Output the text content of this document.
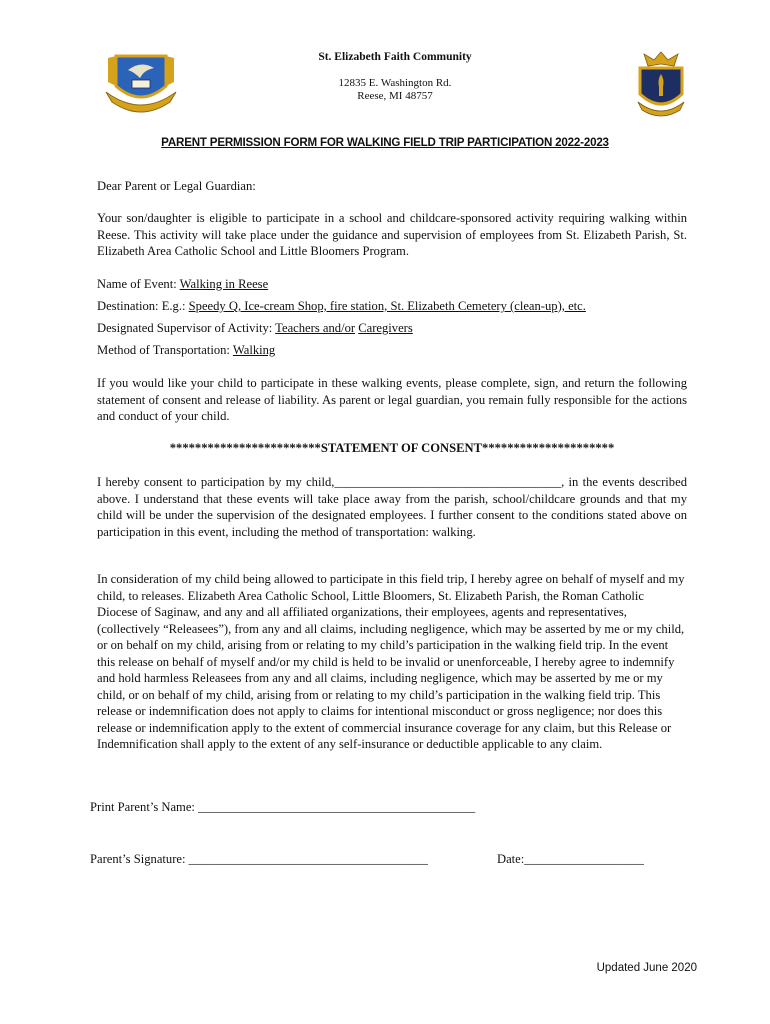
St. Elizabeth Faith Community
12835 E. Washington Rd.
Reese, MI 48757
PARENT PERMISSION FORM FOR WALKING FIELD TRIP PARTICIPATION 2022-2023
Dear Parent or Legal Guardian:
Your son/daughter is eligible to participate in a school and childcare-sponsored activity requiring walking within Reese. This activity will take place under the guidance and supervision of employees from St. Elizabeth Parish, St. Elizabeth Area Catholic School and Little Bloomers Program.
Name of Event: Walking in Reese
Destination: E.g.: Speedy Q, Ice-cream Shop, fire station, St. Elizabeth Cemetery (clean-up), etc.
Designated Supervisor of Activity: Teachers and/or Caregivers
Method of Transportation: Walking
If you would like your child to participate in these walking events, please complete, sign, and return the following statement of consent and release of liability. As parent or legal guardian, you remain fully responsible for the actions and conduct of your child.
************************STATEMENT OF CONSENT*********************
I hereby consent to participation by my child,____________________________________, in the events described above. I understand that these events will take place away from the parish, school/childcare grounds and that my child will be under the supervision of the designated employees. I further consent to the conditions stated above on participation in this event, including the method of transportation: walking.
In consideration of my child being allowed to participate in this field trip, I hereby agree on behalf of myself and my child, to releases. Elizabeth Area Catholic School, Little Bloomers, St. Elizabeth Parish, the Roman Catholic Diocese of Saginaw, and any and all affiliated organizations, their employees, agents and representatives, (collectively “Releasees”), from any and all claims, including negligence, which may be asserted by me or my child, or on behalf on my child, arising from or relating to my child’s participation in the walking field trip. In the event this release on behalf of myself and/or my child is held to be invalid or unenforceable, I hereby agree to indemnify and hold harmless Releasees from any and all claims, including negligence, which may be asserted by me or my child, or on behalf of my child, arising from or relating to my child’s participation in the walking field trip. This release or indemnification does not apply to claims for intentional misconduct or gross negligence; nor does this release or indemnification apply to the extent of commercial insurance coverage for any claim, but this Release or Indemnification shall apply to the extent of any self-insurance or deductible applicable to any claim.
Print Parent’s Name: ____________________________________________
Parent’s Signature: ______________________________________	Date:___________________
Updated June 2020
